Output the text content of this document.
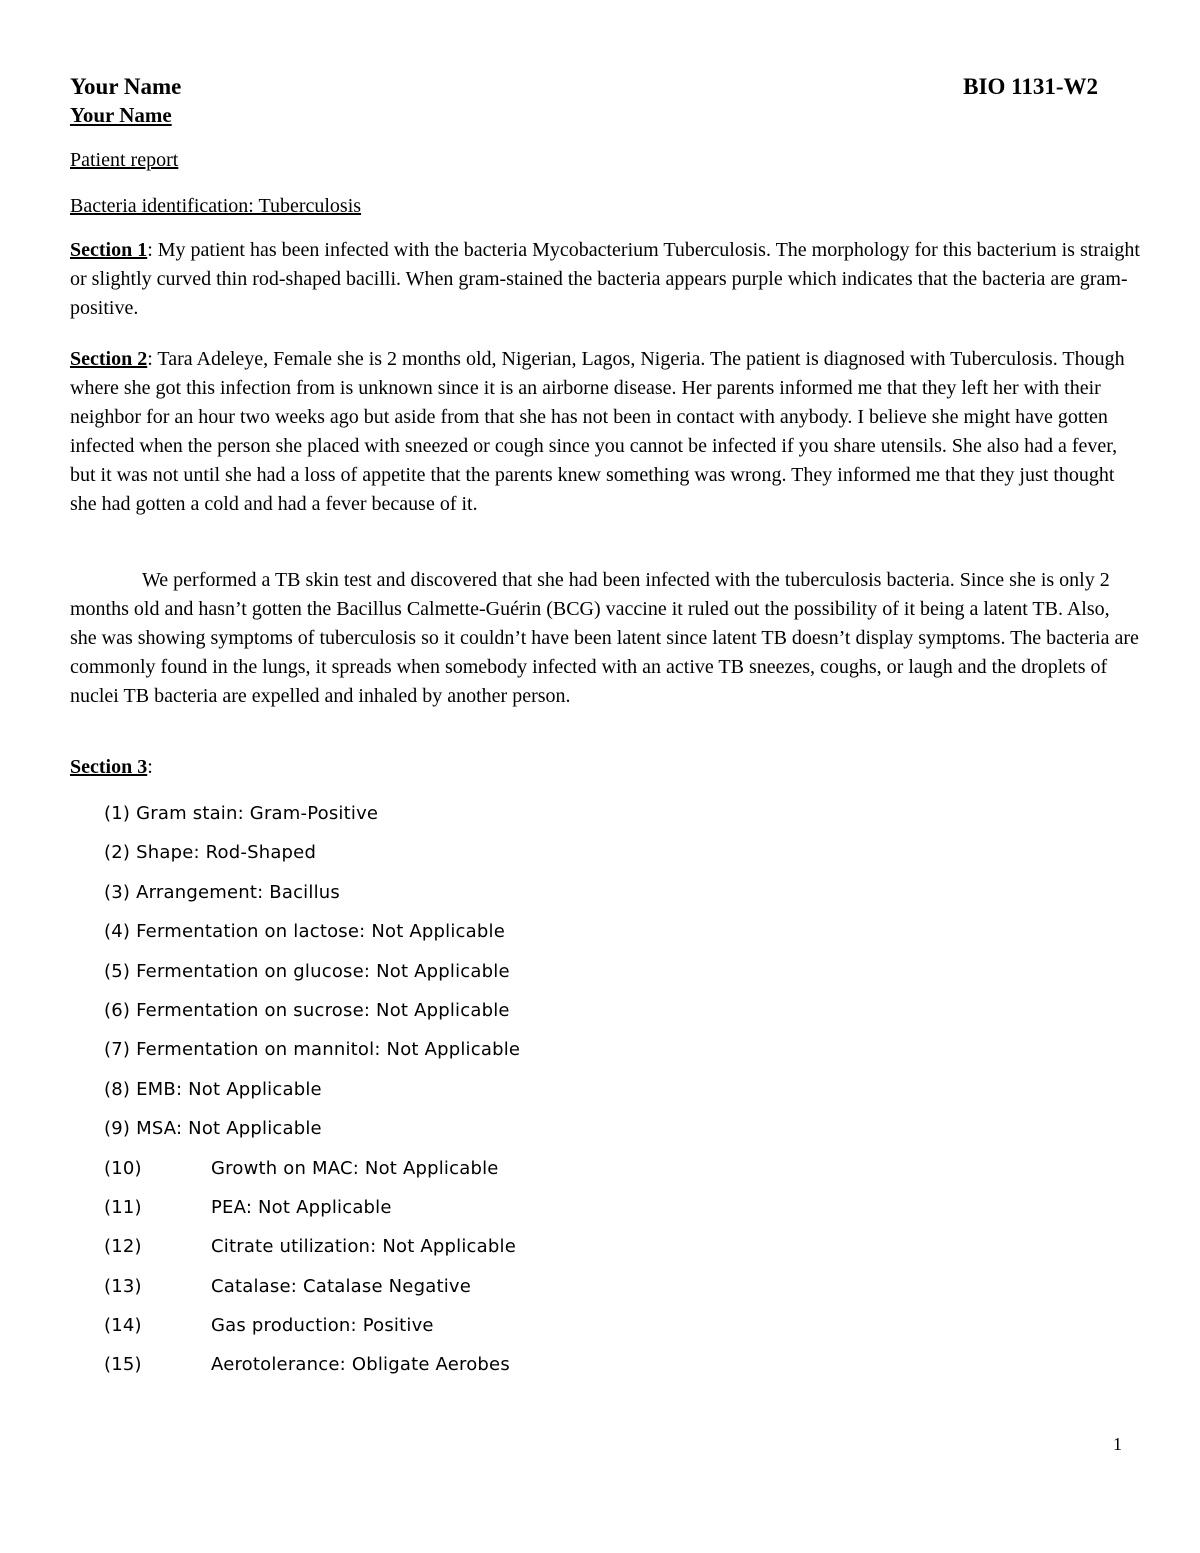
Your Name	BIO 1131-W2
Your Name
Patient report
Bacteria identification: Tuberculosis

Section 1: My patient has been infected with the bacteria Mycobacterium Tuberculosis. The morphology for this bacterium is straight or slightly curved thin rod-shaped bacilli. When gram-stained the bacteria appears purple which indicates that the bacteria are gram-positive.

Section 2: Tara Adeleye, Female she is 2 months old, Nigerian, Lagos, Nigeria. The patient is diagnosed with Tuberculosis. Though where she got this infection from is unknown since it is an airborne disease. Her parents informed me that they left her with their neighbor for an hour two weeks ago but aside from that she has not been in contact with anybody. I believe she might have gotten infected when the person she placed with sneezed or cough since you cannot be infected if you share utensils. She also had a fever, but it was not until she had a loss of appetite that the parents knew something was wrong. They informed me that they just thought she had gotten a cold and had a fever because of it.

We performed a TB skin test and discovered that she had been infected with the tuberculosis bacteria. Since she is only 2 months old and hasn’t gotten the Bacillus Calmette-Guérin (BCG) vaccine it ruled out the possibility of it being a latent TB. Also, she was showing symptoms of tuberculosis so it couldn’t have been latent since latent TB doesn’t display symptoms. The bacteria are commonly found in the lungs, it spreads when somebody infected with an active TB sneezes, coughs, or laugh and the droplets of nuclei TB bacteria are expelled and inhaled by another person.

Section 3:
(1) Gram stain: Gram-Positive
(2) Shape: Rod-Shaped
(3) Arrangement: Bacillus
(4) Fermentation on lactose: Not Applicable
(5) Fermentation on glucose: Not Applicable
(6) Fermentation on sucrose: Not Applicable
(7) Fermentation on mannitol: Not Applicable
(8) EMB: Not Applicable
(9) MSA: Not Applicable
(10)	Growth on MAC: Not Applicable
(11)	PEA: Not Applicable
(12)	Citrate utilization: Not Applicable
(13)	Catalase: Catalase Negative
(14)	Gas production: Positive
(15)	Aerotolerance: Obligate Aerobes
1
